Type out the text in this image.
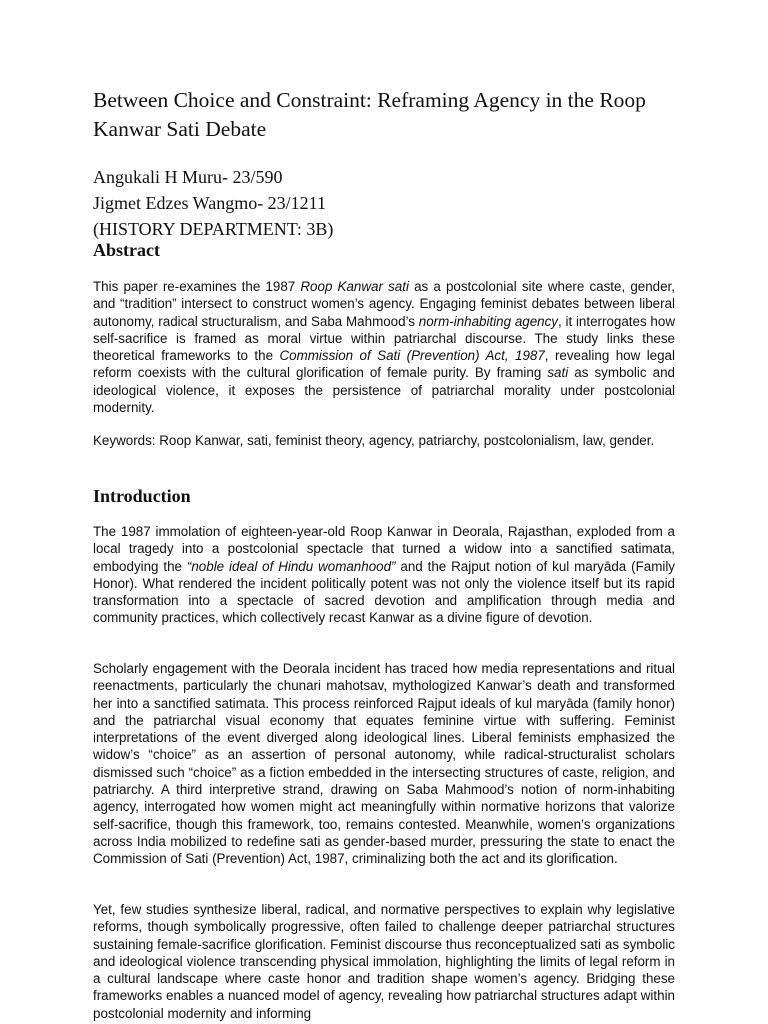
Between Choice and Constraint: Reframing Agency in the Roop Kanwar Sati Debate
Angukali H Muru- 23/590
Jigmet Edzes Wangmo- 23/1211
(HISTORY DEPARTMENT: 3B)
Abstract

This paper re-examines the 1987 Roop Kanwar sati as a postcolonial site where caste, gender, and “tradition” intersect to construct women’s agency. Engaging feminist debates between liberal autonomy, radical structuralism, and Saba Mahmood’s norm-inhabiting agency, it interrogates how self-sacrifice is framed as moral virtue within patriarchal discourse. The study links these theoretical frameworks to the Commission of Sati (Prevention) Act, 1987, revealing how legal reform coexists with the cultural glorification of female purity. By framing sati as symbolic and ideological violence, it exposes the persistence of patriarchal morality under postcolonial modernity.

Keywords: Roop Kanwar, sati, feminist theory, agency, patriarchy, postcolonialism, law, gender.

Introduction

The 1987 immolation of eighteen-year-old Roop Kanwar in Deorala, Rajasthan, exploded from a local tragedy into a postcolonial spectacle that turned a widow into a sanctified satimata, embodying the “noble ideal of Hindu womanhood” and the Rajput notion of kul maryāda (Family Honor). What rendered the incident politically potent was not only the violence itself but its rapid transformation into a spectacle of sacred devotion and amplification through media and community practices, which collectively recast Kanwar as a divine figure of devotion.

Scholarly engagement with the Deorala incident has traced how media representations and ritual reenactments, particularly the chunari mahotsav, mythologized Kanwar’s death and transformed her into a sanctified satimata. This process reinforced Rajput ideals of kul maryāda (family honor) and the patriarchal visual economy that equates feminine virtue with suffering. Feminist interpretations of the event diverged along ideological lines. Liberal feminists emphasized the widow’s “choice” as an assertion of personal autonomy, while radical-structuralist scholars dismissed such “choice” as a fiction embedded in the intersecting structures of caste, religion, and patriarchy. A third interpretive strand, drawing on Saba Mahmood’s notion of norm-inhabiting agency, interrogated how women might act meaningfully within normative horizons that valorize self-sacrifice, though this framework, too, remains contested. Meanwhile, women’s organizations across India mobilized to redefine sati as gender-based murder, pressuring the state to enact the Commission of Sati (Prevention) Act, 1987, criminalizing both the act and its glorification.

Yet, few studies synthesize liberal, radical, and normative perspectives to explain why legislative reforms, though symbolically progressive, often failed to challenge deeper patriarchal structures sustaining female-sacrifice glorification. Feminist discourse thus reconceptualized sati as symbolic and ideological violence transcending physical immolation, highlighting the limits of legal reform in a cultural landscape where caste honor and tradition shape women’s agency. Bridging these frameworks enables a nuanced model of agency, revealing how patriarchal structures adapt within postcolonial modernity and informing
